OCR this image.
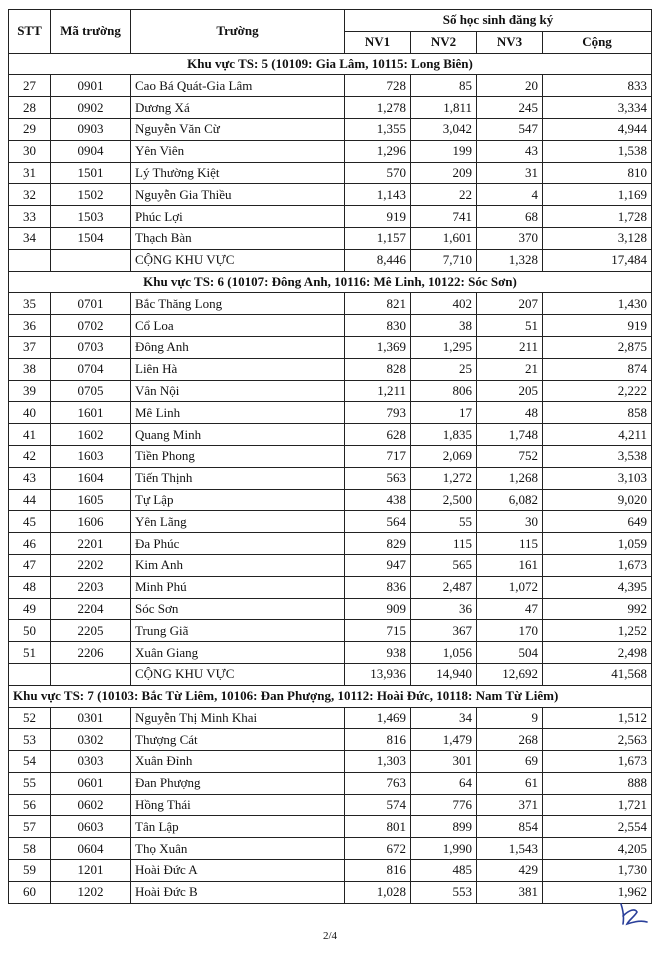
STT	Mã trường	Trường	Số học sinh đăng ký			
			NV1	NV2	NV3	Cộng
Khu vực TS: 5 (10109: Gia Lâm, 10115: Long Biên)						
27	0901	Cao Bá Quát-Gia Lâm	728	85	20	833
28	0902	Dương Xá	1,278	1,811	245	3,334
29	0903	Nguyễn Văn Cừ	1,355	3,042	547	4,944
30	0904	Yên Viên	1,296	199	43	1,538
31	1501	Lý Thường Kiệt	570	209	31	810
32	1502	Nguyễn Gia Thiều	1,143	22	4	1,169
33	1503	Phúc Lợi	919	741	68	1,728
34	1504	Thạch Bàn	1,157	1,601	370	3,128
		CỘNG KHU VỰC	8,446	7,710	1,328	17,484
Khu vực TS: 6 (10107: Đông Anh, 10116: Mê Linh, 10122: Sóc Sơn)						
35	0701	Bắc Thăng Long	821	402	207	1,430
36	0702	Cổ Loa	830	38	51	919
37	0703	Đông Anh	1,369	1,295	211	2,875
38	0704	Liên Hà	828	25	21	874
39	0705	Vân Nội	1,211	806	205	2,222
40	1601	Mê Linh	793	17	48	858
41	1602	Quang Minh	628	1,835	1,748	4,211
42	1603	Tiền Phong	717	2,069	752	3,538
43	1604	Tiến Thịnh	563	1,272	1,268	3,103
44	1605	Tự Lập	438	2,500	6,082	9,020
45	1606	Yên Lãng	564	55	30	649
46	2201	Đa Phúc	829	115	115	1,059
47	2202	Kim Anh	947	565	161	1,673
48	2203	Minh Phú	836	2,487	1,072	4,395
49	2204	Sóc Sơn	909	36	47	992
50	2205	Trung Giã	715	367	170	1,252
51	2206	Xuân Giang	938	1,056	504	2,498
		CỘNG KHU VỰC	13,936	14,940	12,692	41,568
Khu vực TS: 7 (10103: Bắc Từ Liêm, 10106: Đan Phượng, 10112: Hoài Đức, 10118: Nam Từ Liêm)						
52	0301	Nguyễn Thị Minh Khai	1,469	34	9	1,512
53	0302	Thượng Cát	816	1,479	268	2,563
54	0303	Xuân Đỉnh	1,303	301	69	1,673
55	0601	Đan Phượng	763	64	61	888
56	0602	Hồng Thái	574	776	371	1,721
57	0603	Tân Lập	801	899	854	2,554
58	0604	Thọ Xuân	672	1,990	1,543	4,205
59	1201	Hoài Đức A	816	485	429	1,730
60	1202	Hoài Đức B	1,028	553	381	1,962
2/4
